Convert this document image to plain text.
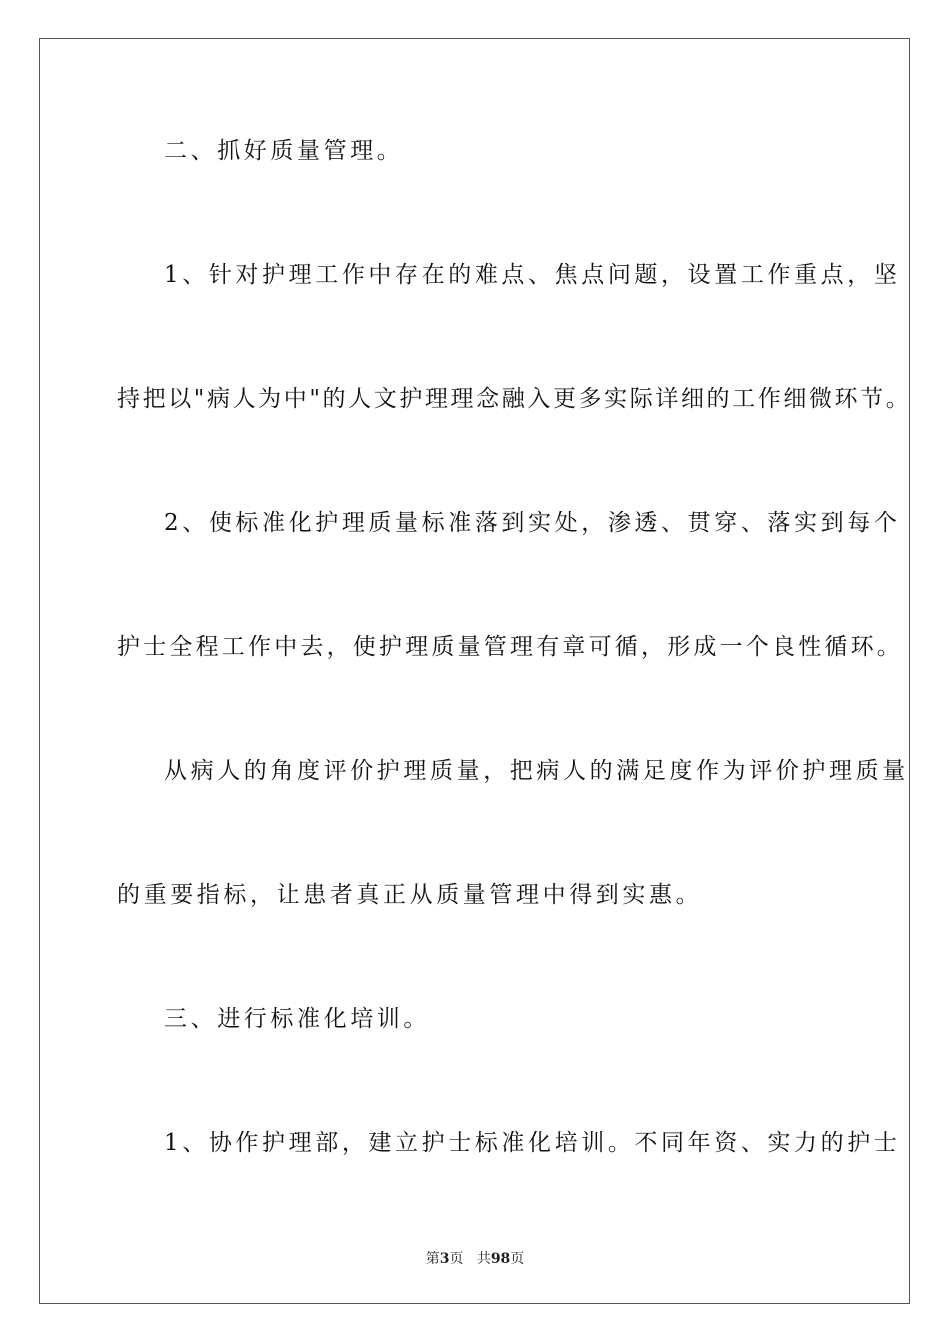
二、抓好质量管理。
1、针对护理工作中存在的难点、焦点问题，设置工作重点，坚
持把以"病人为中"的人文护理理念融入更多实际详细的工作细微环节。
2、使标准化护理质量标准落到实处，渗透、贯穿、落实到每个
护士全程工作中去，使护理质量管理有章可循，形成一个良性循环。
从病人的角度评价护理质量，把病人的满足度作为评价护理质量
的重要指标，让患者真正从质量管理中得到实惠。
三、进行标准化培训。
1、协作护理部，建立护士标准化培训。不同年资、实力的护士
第3页 共98页
